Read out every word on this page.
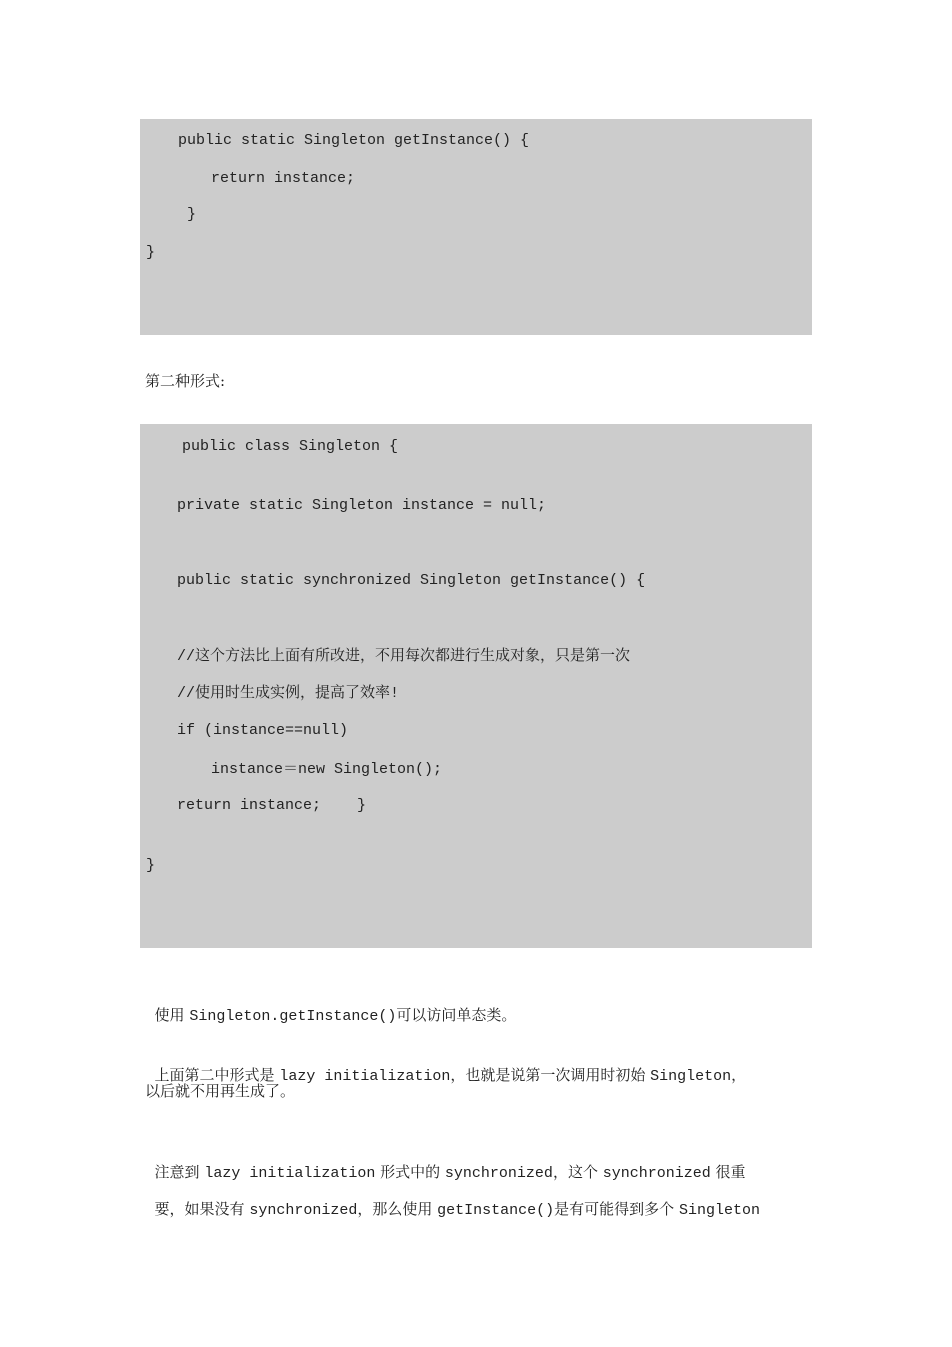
public static Singleton getInstance() {
return instance;
}
}
第二种形式:
public class Singleton {
private static Singleton instance = null;
public static synchronized Singleton getInstance() {
//这个方法比上面有所改进，不用每次都进行生成对象，只是第一次
//使用时生成实例，提高了效率!
if (instance==null)
instance＝new Singleton();
return instance;    }
}

使用 Singleton.getInstance()可以访问单态类。

上面第二中形式是 lazy initialization，也就是说第一次调用时初始 Singleton，

以后就不用再生成了。

注意到 lazy initialization 形式中的 synchronized，这个 synchronized 很重

要，如果没有 synchronized，那么使用 getInstance()是有可能得到多个 Singleton
